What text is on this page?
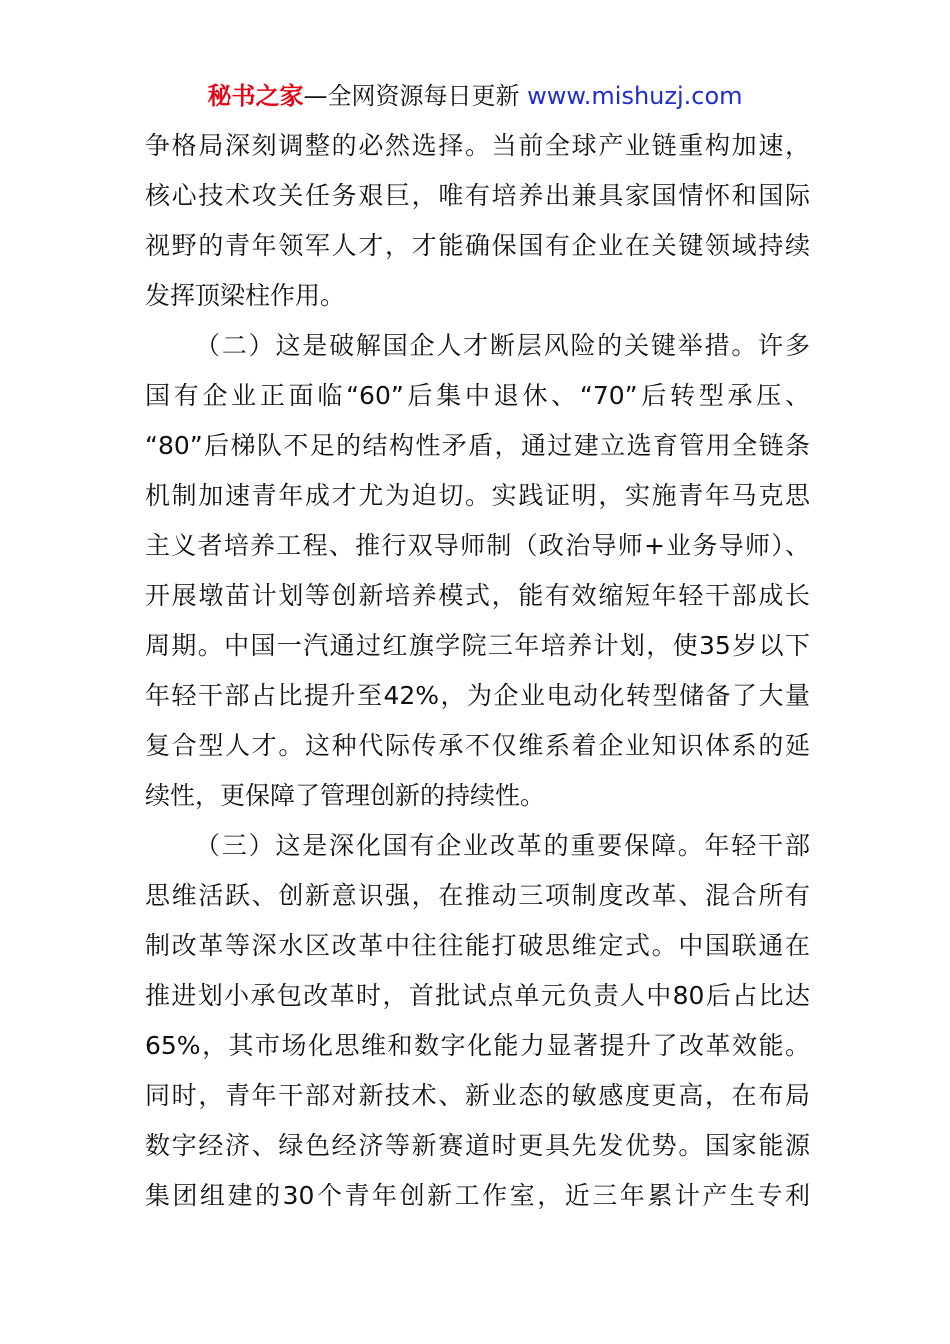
秘书之家—全网资源每日更新 www.mishuzj.com
争格局深刻调整的必然选择。当前全球产业链重构加速，
核心技术攻关任务艰巨，唯有培养出兼具家国情怀和国际
视野的青年领军人才，才能确保国有企业在关键领域持续
发挥顶梁柱作用。
（二）这是破解国企人才断层风险的关键举措。许多
国有企业正面临“60”后集中退休、“70”后转型承压、
“80”后梯队不足的结构性矛盾，通过建立选育管用全链条
机制加速青年成才尤为迫切。实践证明，实施青年马克思
主义者培养工程、推行双导师制（政治导师+业务导师）、
开展墩苗计划等创新培养模式，能有效缩短年轻干部成长
周期。中国一汽通过红旗学院三年培养计划，使35岁以下
年轻干部占比提升至42%，为企业电动化转型储备了大量
复合型人才。这种代际传承不仅维系着企业知识体系的延
续性，更保障了管理创新的持续性。
（三）这是深化国有企业改革的重要保障。年轻干部
思维活跃、创新意识强，在推动三项制度改革、混合所有
制改革等深水区改革中往往能打破思维定式。中国联通在
推进划小承包改革时，首批试点单元负责人中80后占比达
65%，其市场化思维和数字化能力显著提升了改革效能。
同时，青年干部对新技术、新业态的敏感度更高，在布局
数字经济、绿色经济等新赛道时更具先发优势。国家能源
集团组建的30个青年创新工作室，近三年累计产生专利
